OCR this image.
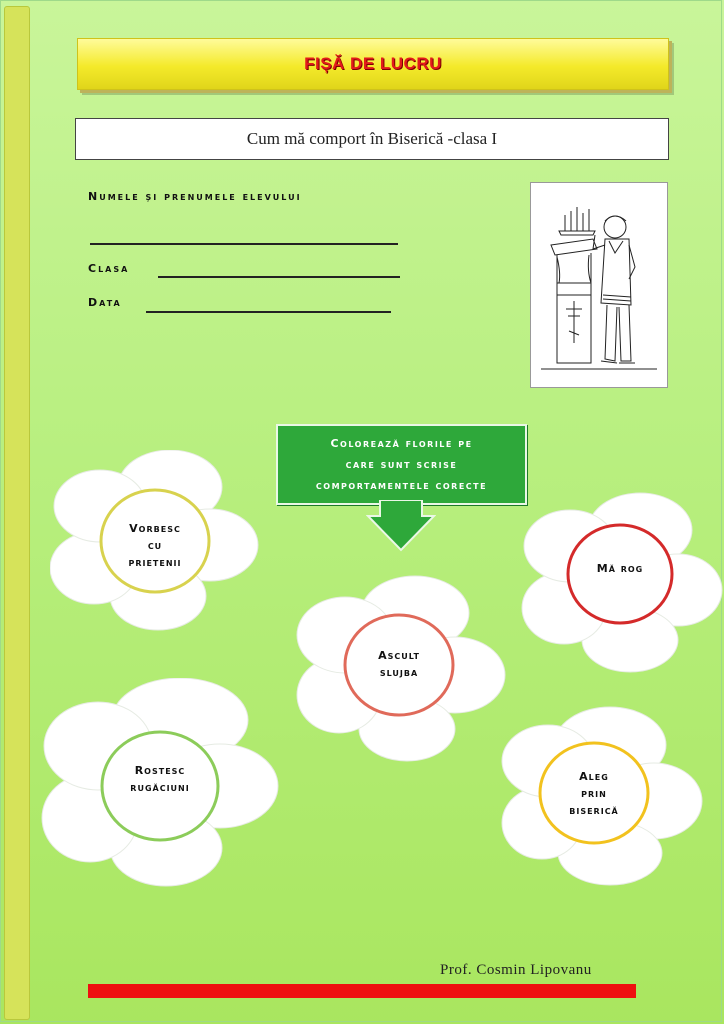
FIȘĂ DE LUCRU
Cum mă comport în Biserică -clasa I
Numele și prenumele elevului
Clasa
Data
Colorează florile pe
care sunt scrise
comportamentele corecte
Vorbesc
cu
prietenii	Mă rog
Ascult
slujba
Rostesc
rugăciuni
Aleg
prin
biserică
Prof. Cosmin Lipovanu
